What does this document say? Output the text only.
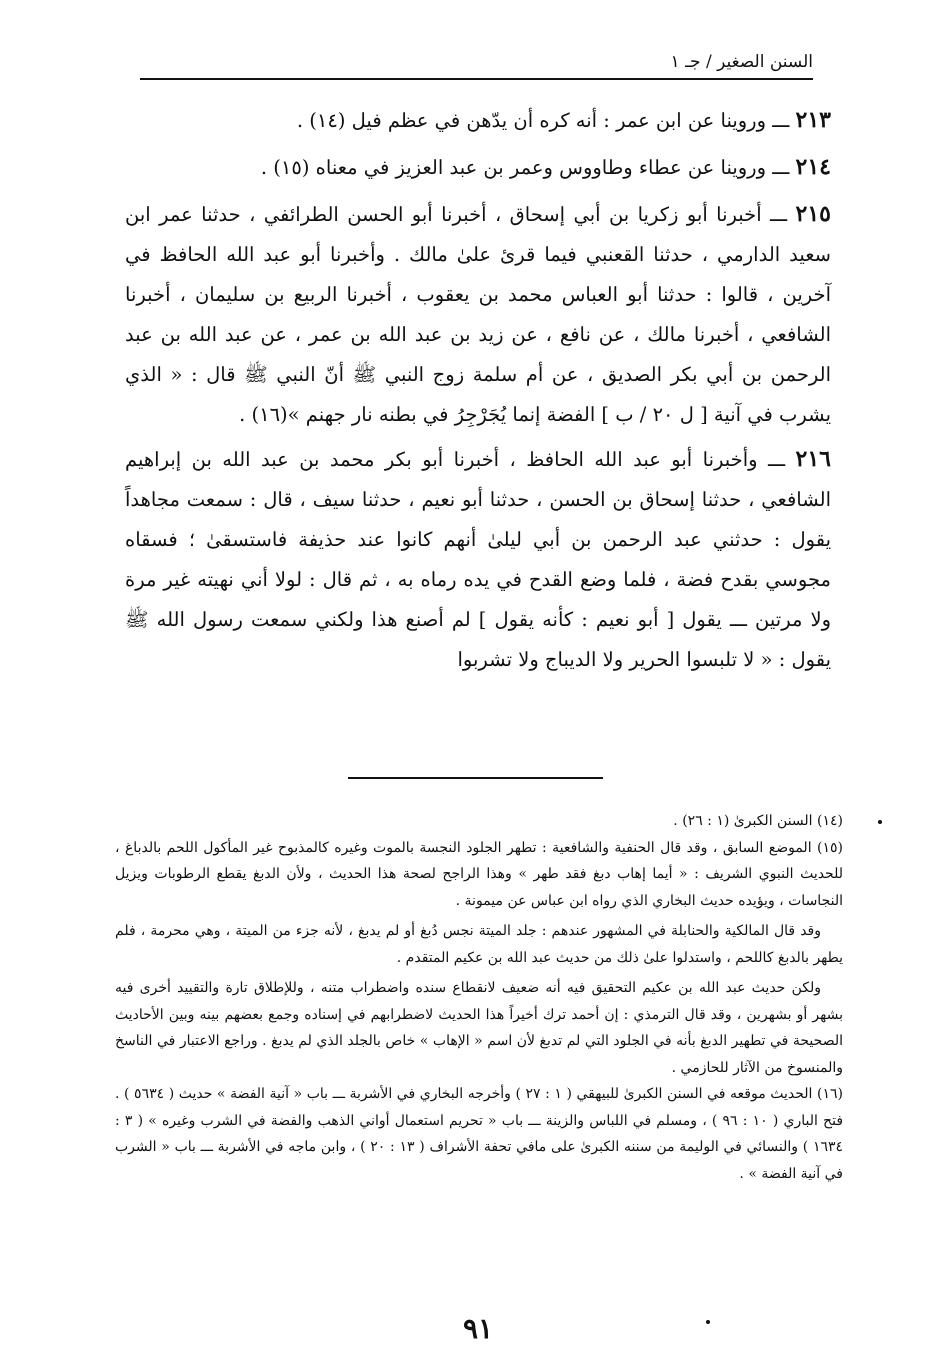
السنن الصغير / جـ ١

٢١٣ ـــ وروينا عن ابن عمر : أنه كره أن يدّهن في عظم فيل (١٤) .

٢١٤ ـــ وروينا عن عطاء وطاووس وعمر بن عبد العزيز في معناه (١٥) .

٢١٥ ـــ أخبرنا أبو زكريا بن أبي إسحاق ، أخبرنا أبو الحسن الطرائفي ، حدثنا عمر ابن سعيد الدارمي ، حدثنا القعنبي فيما قرئ علىٰ مالك . وأخبرنا أبو عبد الله الحافظ في آخرين ، قالوا : حدثنا أبو العباس محمد بن يعقوب ، أخبرنا الربيع بن سليمان ، أخبرنا الشافعي ، أخبرنا مالك ، عن نافع ، عن زيد بن عبد الله بن عمر ، عن عبد الله بن عبد الرحمن بن أبي بكر الصديق ، عن أم سلمة زوج النبي ﷺ أنّ النبي ﷺ قال : « الذي يشرب في آنية [ ل ٢٠ / ب ] الفضة إنما يُجَرْجِرُ في بطنه نار جهنم »(١٦) .

٢١٦ ـــ وأخبرنا أبو عبد الله الحافظ ، أخبرنا أبو بكر محمد بن عبد الله بن إبراهيم الشافعي ، حدثنا إسحاق بن الحسن ، حدثنا أبو نعيم ، حدثنا سيف ، قال : سمعت مجاهداً يقول : حدثني عبد الرحمن بن أبي ليلىٰ أنهم كانوا عند حذيفة فاستسقىٰ ؛ فسقاه مجوسي بقدح فضة ، فلما وضع القدح في يده رماه به ، ثم قال : لولا أني نهيته غير مرة ولا مرتين ـــ يقول [ أبو نعيم : كأنه يقول ] لم أصنع هذا ولكني سمعت رسول الله ﷺ يقول : « لا تلبسوا الحرير ولا الديباج ولا تشربوا

(١٤) السنن الكبرىٰ (١ : ٢٦) .

(١٥) الموضع السابق ، وقد قال الحنفية والشافعية : تطهر الجلود النجسة بالموت وغيره كالمذبوح غير المأكول اللحم بالدباغ ، للحديث النبوي الشريف : « أيما إهاب دبغ فقد طهر » وهذا الراجح لصحة هذا الحديث ، ولأن الدبغ يقطع الرطوبات ويزيل النجاسات ، ويؤيده حديث البخاري الذي رواه ابن عباس عن ميمونة .

وقد قال المالكية والحنابلة في المشهور عندهم : جلد الميتة نجس دُبغ أو لم يدبغ ، لأنه جزء من الميتة ، وهي محرمة ، فلم يطهر بالدبغ كاللحم ، واستدلوا علىٰ ذلك من حديث عبد الله بن عكيم المتقدم .

ولكن حديث عبد الله بن عكيم التحقيق فيه أنه ضعيف لانقطاع سنده واضطراب متنه ، وللإطلاق تارة والتقييد أخرى فيه بشهر أو بشهرين ، وقد قال الترمذي : إن أحمد ترك أخيراً هذا الحديث لاضطرابهم في إسناده وجمع بعضهم بينه وبين الأحاديث الصحيحة في تطهير الدبغ بأنه في الجلود التي لم تدبغ لأن اسم « الإهاب » خاص بالجلد الذي لم يدبغ . وراجع الاعتبار في الناسخ والمنسوخ من الآثار للحازمي .

(١٦) الحديث موقعه في السنن الكبرىٰ للبيهقي ( ١ : ٢٧ ) وأخرجه البخاري في الأشربة ـــ باب « آنية الفضة » حديث ( ٥٦٣٤ ) . فتح الباري ( ١٠ : ٩٦ ) ، ومسلم في اللباس والزينة ـــ باب « تحريم استعمال أواني الذهب والفضة في الشرب وغيره » ( ٣ : ١٦٣٤ ) والنسائي في الوليمة من سننه الكبرىٰ على مافي تحفة الأشراف ( ١٣ : ٢٠ ) ، وابن ماجه في الأشربة ـــ باب « الشرب في آنية الفضة » .

٩١
